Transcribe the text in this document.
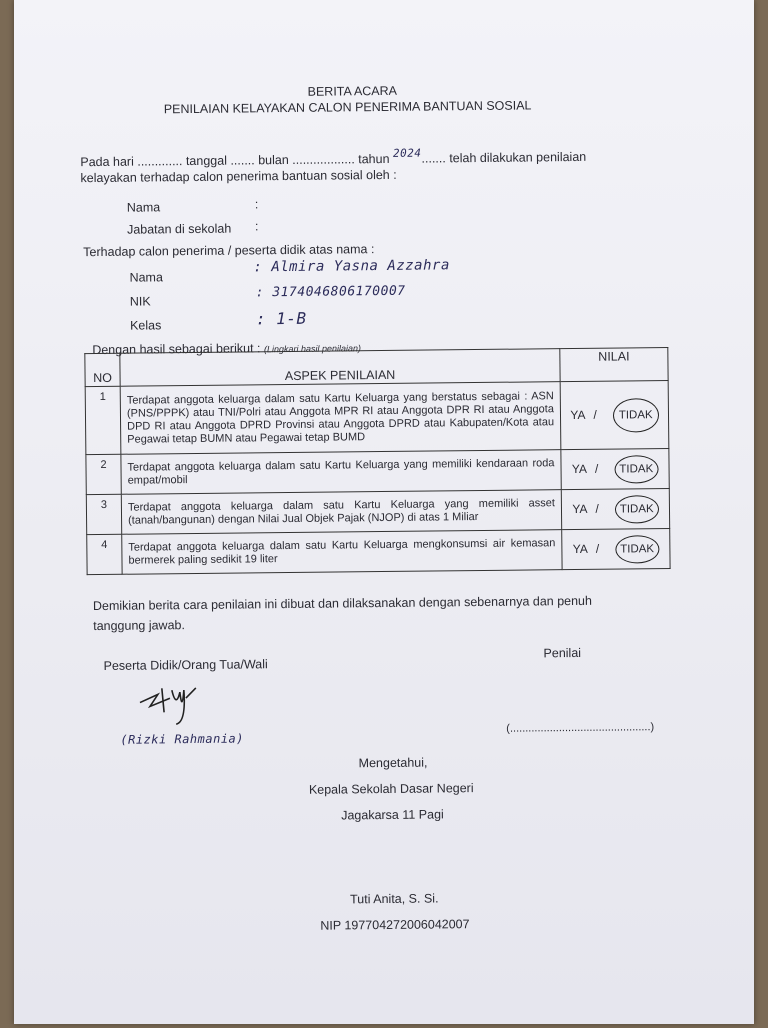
BERITA ACARA
PENILAIAN KELAYAKAN CALON PENERIMA BANTUAN SOSIAL
Pada hari ............. tanggal ....... bulan .................. tahun 2024....... telah dilakukan penilaian
kelayakan terhadap calon penerima bantuan sosial oleh :
Nama	:
Jabatan di sekolah :
Terhadap calon penerima / peserta didik atas nama :
Nama
: Almira Yasna Azzahra
NIK
: 3174046806170007
Kelas	: 1-B
Dengan hasil sebagai berikut : (Lingkari hasil penilaian)
NO	ASPEK PENILAIAN	NILAI
1	Terdapat anggota keluarga dalam satu Kartu Keluarga yang berstatus sebagai : ASN (PNS/PPPK) atau TNI/Polri atau Anggota MPR RI atau Anggota DPR RI atau Anggota DPD RI atau Anggota DPRD Provinsi atau Anggota DPRD atau Kabupaten/Kota atau Pegawai tetap BUMN atau Pegawai tetap BUMD	YA / TIDAK
2	Terdapat anggota keluarga dalam satu Kartu Keluarga yang memiliki kendaraan roda empat/mobil	YA / TIDAK
3	Terdapat anggota keluarga dalam satu Kartu Keluarga yang memiliki asset (tanah/bangunan) dengan Nilai Jual Objek Pajak (NJOP) di atas 1 Miliar	YA / TIDAK
4	Terdapat anggota keluarga dalam satu Kartu Keluarga mengkonsumsi air kemasan bermerek paling sedikit 19 liter	YA / TIDAK
Demikian berita cara penilaian ini dibuat dan dilaksanakan dengan sebenarnya dan penuh
tanggung jawab.
Peserta Didik/Orang Tua/Wali
Penilai
(Rizki Rahmania)
(..............................................)
Mengetahui,
Kepala Sekolah Dasar Negeri
Jagakarsa 11 Pagi
Tuti Anita, S. Si.
NIP 197704272006042007
